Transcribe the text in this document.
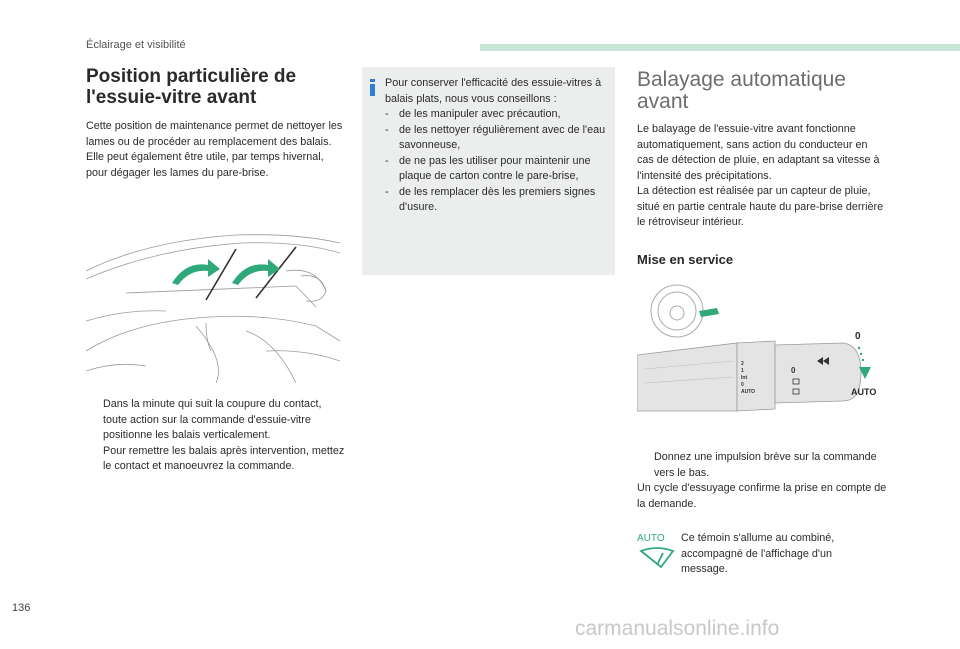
Éclairage et visibilité
Position particulière de
l'essuie-vitre avant
Cette position de maintenance permet de nettoyer les lames ou de procéder au remplacement des balais. Elle peut également être utile, par temps hivernal, pour dégager les lames du pare-brise.
Dans la minute qui suit la coupure du contact, toute action sur la commande d'essuie-vitre positionne les balais verticalement.
Pour remettre les balais après intervention, mettez le contact et manoeuvrez la commande.
Pour conserver l'efficacité des essuie-vitres à balais plats, nous vous conseillons :
- de les manipuler avec précaution,
- de les nettoyer régulièrement avec de l'eau savonneuse,
- de ne pas les utiliser pour maintenir une plaque de carton contre le pare-brise,
- de les remplacer dès les premiers signes d'usure.
Balayage automatique
avant
Le balayage de l'essuie-vitre avant fonctionne automatiquement, sans action du conducteur en cas de détection de pluie, en adaptant sa vitesse à l'intensité des précipitations.
La détection est réalisée par un capteur de pluie, situé en partie centrale haute du pare-brise derrière le rétroviseur intérieur.
Mise en service
2
1
Int
0
AUTO
0
0
AUTO
Donnez une impulsion brève sur la commande vers le bas.
Un cycle d'essuyage confirme la prise en compte de la demande.
AUTO Ce témoin s'allume au combiné, accompagné de l'affichage d'un message.
136
carmanualsonline.info
